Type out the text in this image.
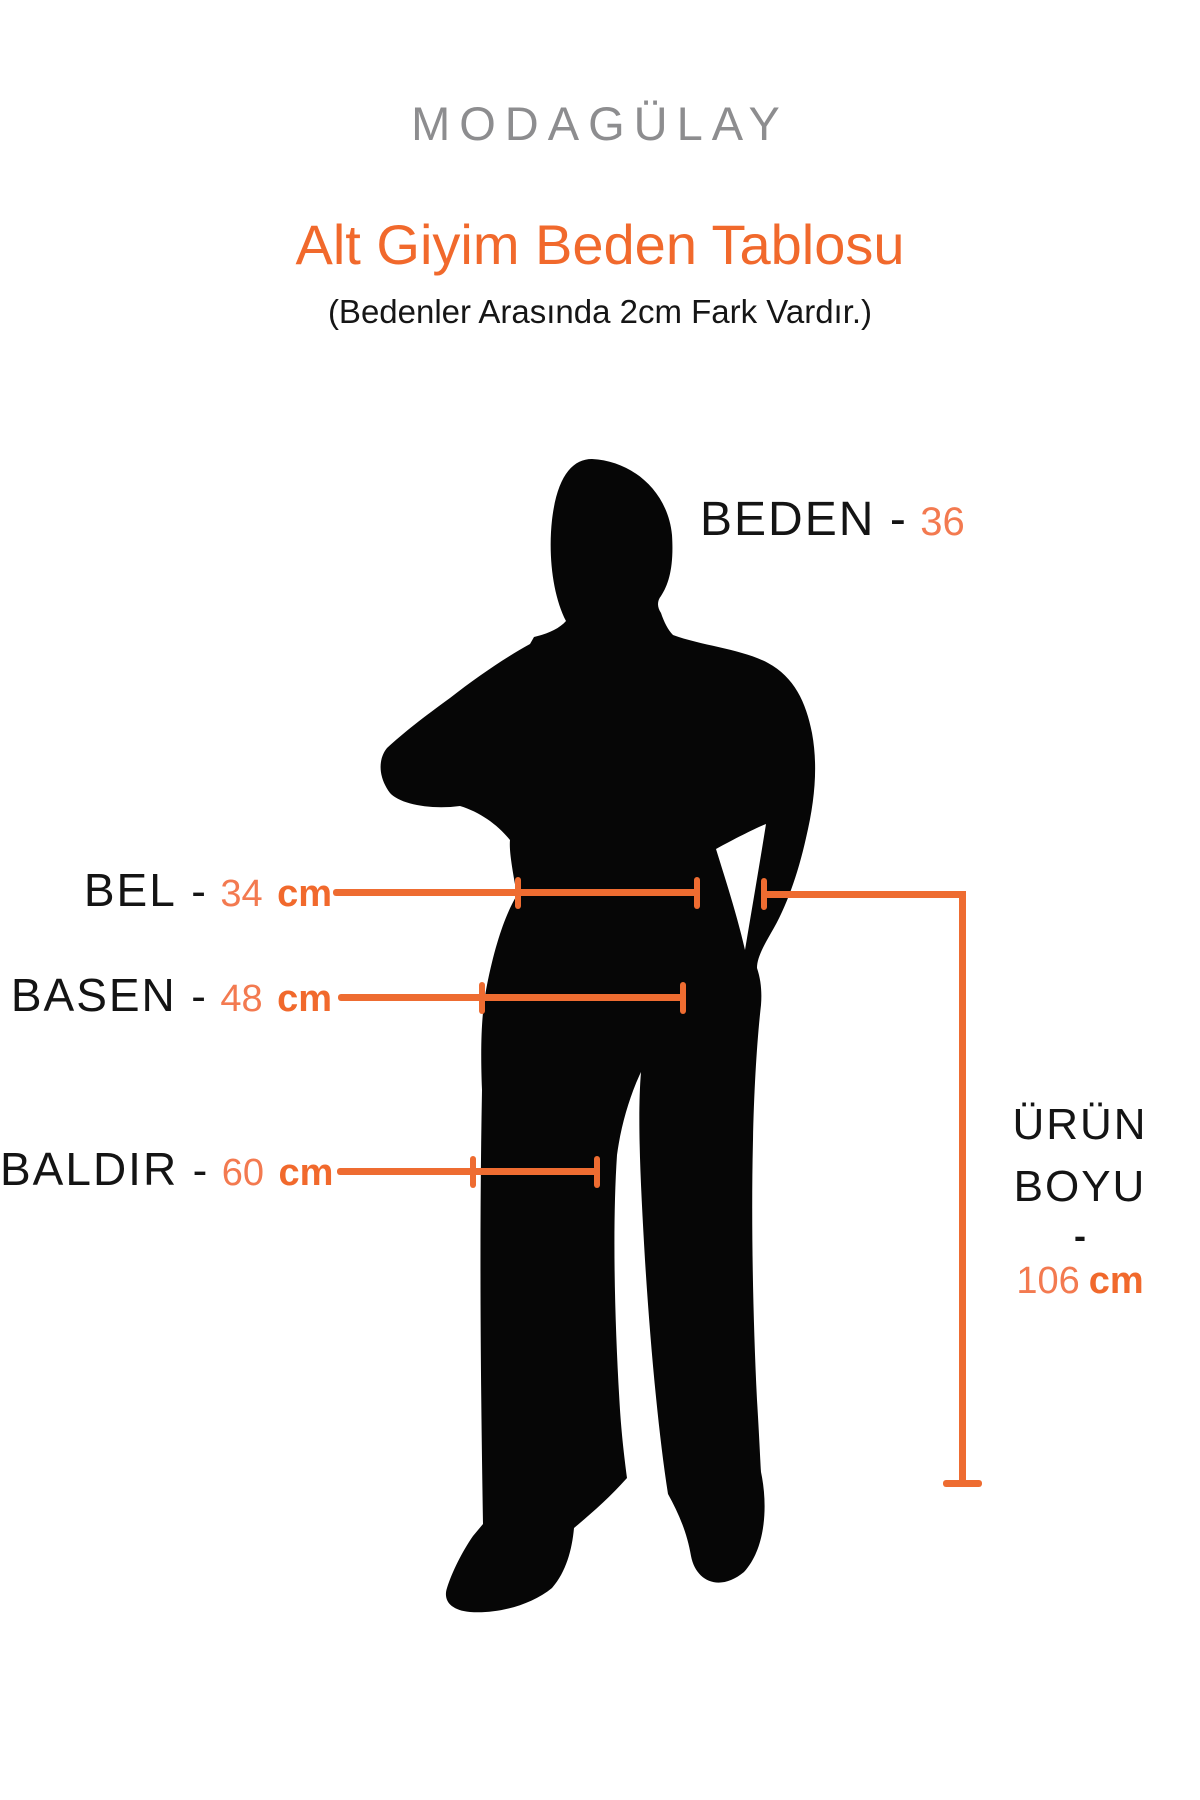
MODAGÜLAY
Alt Giyim Beden Tablosu
(Bedenler Arasında 2cm Fark Vardır.)
BEDEN - 36
BEL - 34 cm
BASEN - 48 cm
BALDIR - 60 cm
ÜRÜN
BOYU
-
106 cm
